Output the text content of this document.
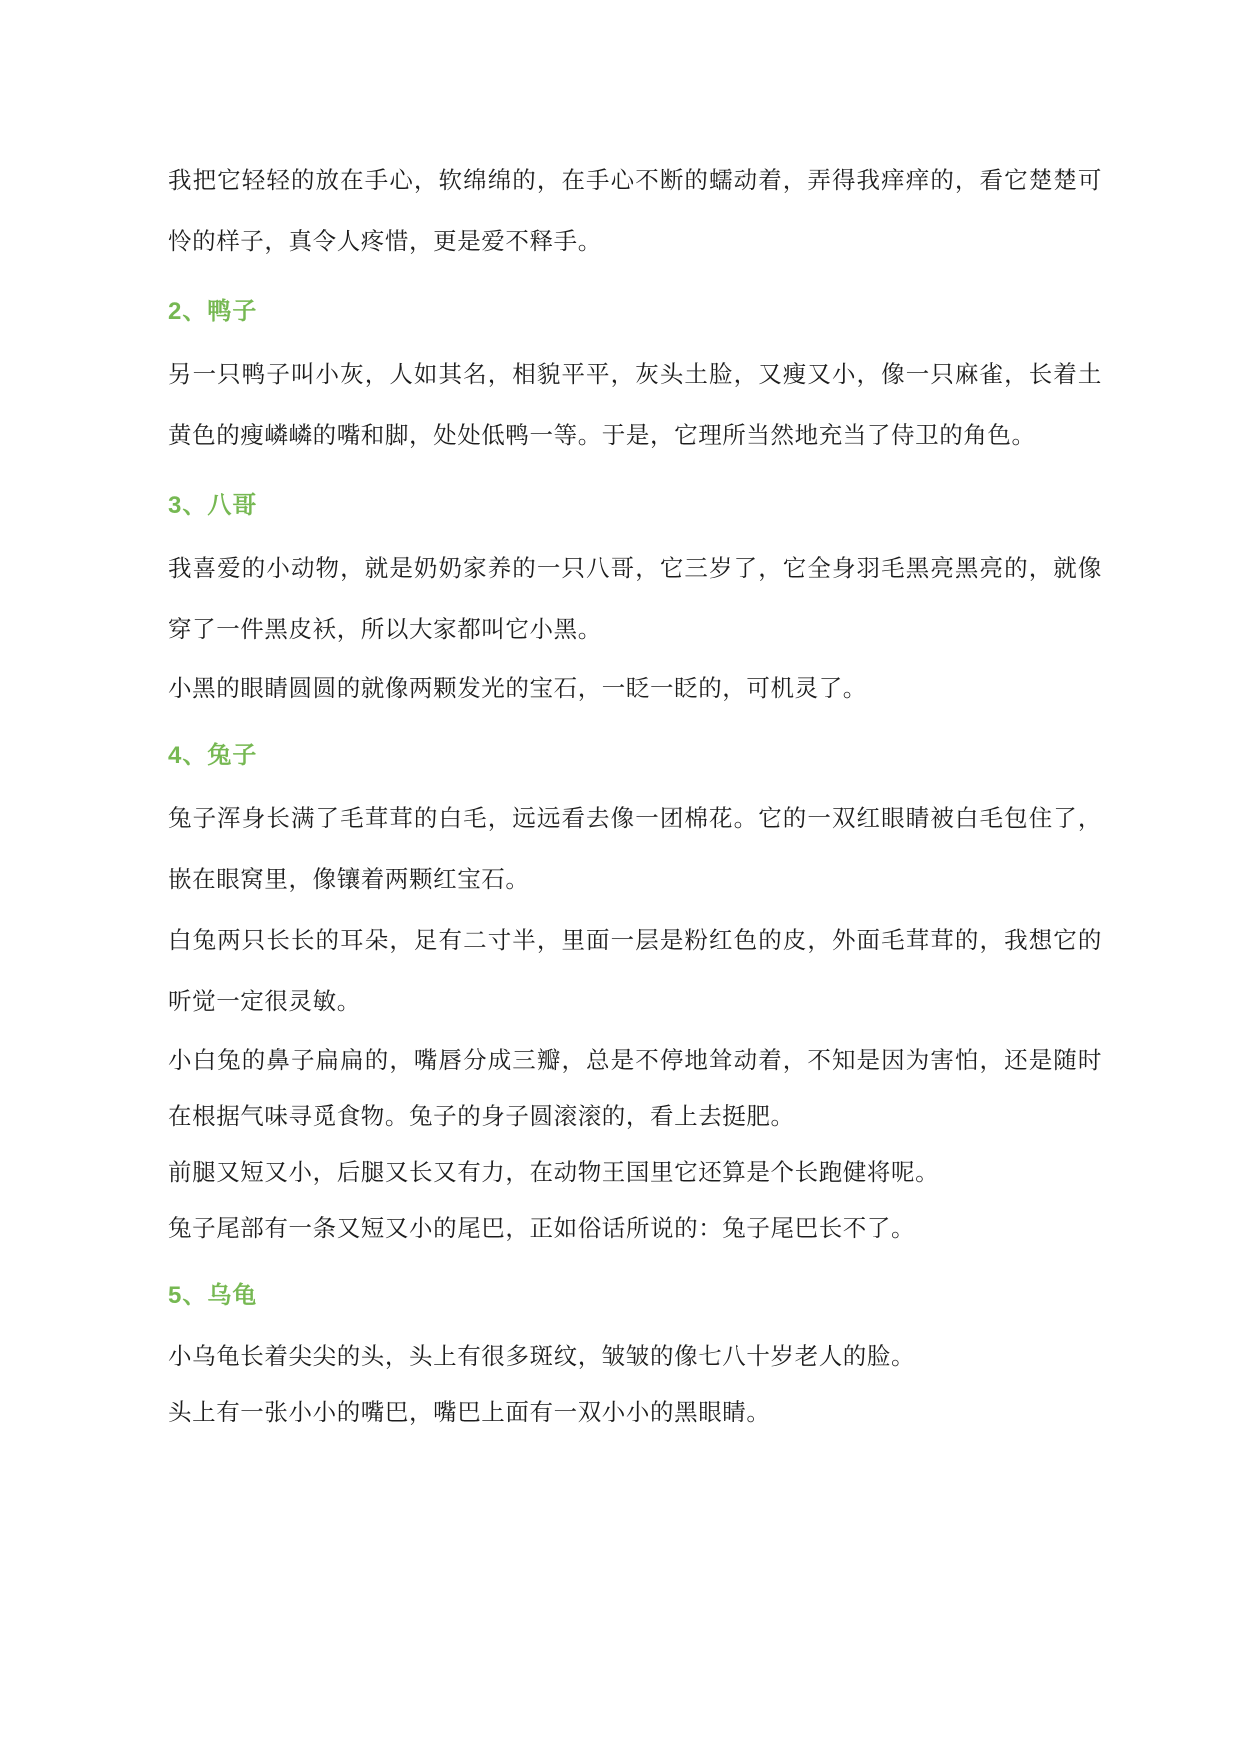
我把它轻轻的放在手心，软绵绵的，在手心不断的蠕动着，弄得我痒痒的，看它楚楚可怜的样子，真令人疼惜，更是爱不释手。

2、鸭子

另一只鸭子叫小灰，人如其名，相貌平平，灰头土脸，又瘦又小，像一只麻雀，长着土黄色的瘦嶙嶙的嘴和脚，处处低鸭一等。于是，它理所当然地充当了侍卫的角色。

3、八哥

我喜爱的小动物，就是奶奶家养的一只八哥，它三岁了，它全身羽毛黑亮黑亮的，就像穿了一件黑皮袄，所以大家都叫它小黑。

小黑的眼睛圆圆的就像两颗发光的宝石，一眨一眨的，可机灵了。

4、兔子

兔子浑身长满了毛茸茸的白毛，远远看去像一团棉花。它的一双红眼睛被白毛包住了，嵌在眼窝里，像镶着两颗红宝石。

白兔两只长长的耳朵，足有二寸半，里面一层是粉红色的皮，外面毛茸茸的，我想它的听觉一定很灵敏。

小白兔的鼻子扁扁的，嘴唇分成三瓣，总是不停地耸动着，不知是因为害怕，还是随时在根据气味寻觅食物。兔子的身子圆滚滚的，看上去挺肥。

前腿又短又小，后腿又长又有力，在动物王国里它还算是个长跑健将呢。

兔子尾部有一条又短又小的尾巴，正如俗话所说的：兔子尾巴长不了。

5、乌龟

小乌龟长着尖尖的头，头上有很多斑纹，皱皱的像七八十岁老人的脸。

头上有一张小小的嘴巴，嘴巴上面有一双小小的黑眼睛。
